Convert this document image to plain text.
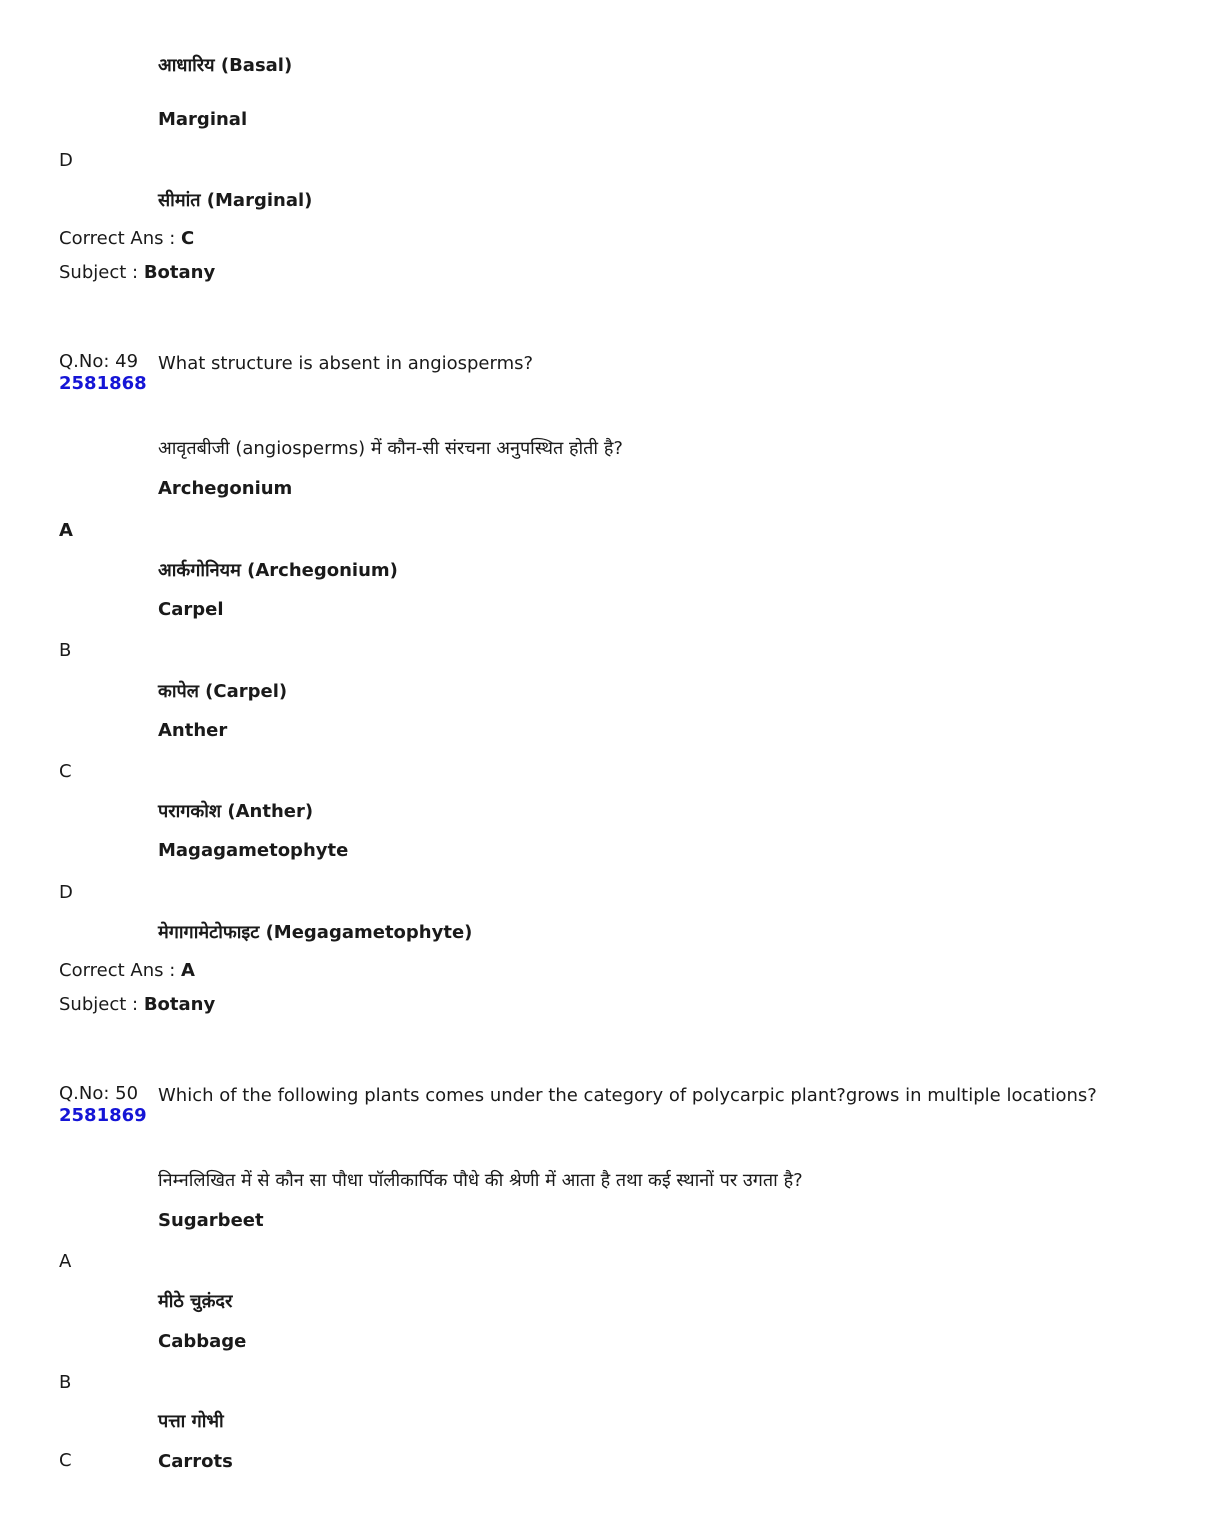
आधारिय (Basal)
Marginal
D
सीमांत (Marginal)
Correct Ans : C
Subject : Botany
Q.No: 49
2581868
What structure is absent in angiosperms?
आवृतबीजी (angiosperms) में कौन-सी संरचना अनुपस्थित होती है?
Archegonium
A
आर्कगोनियम (Archegonium)
Carpel
B
कापेल (Carpel)
Anther
C
परागकोश (Anther)
Magagametophyte
D
मेगागामेटोफाइट (Megagametophyte)
Correct Ans : A
Subject : Botany
Q.No: 50
2581869
Which of the following plants comes under the category of polycarpic plant?grows in multiple locations?
निम्नलिखित में से कौन सा पौधा पॉलीकार्पिक पौधे की श्रेणी में आता है तथा कई स्थानों पर उगता है?
Sugarbeet
A
मीठे चुक़ंदर
Cabbage
B
पत्ता गोभी
C	Carrots
